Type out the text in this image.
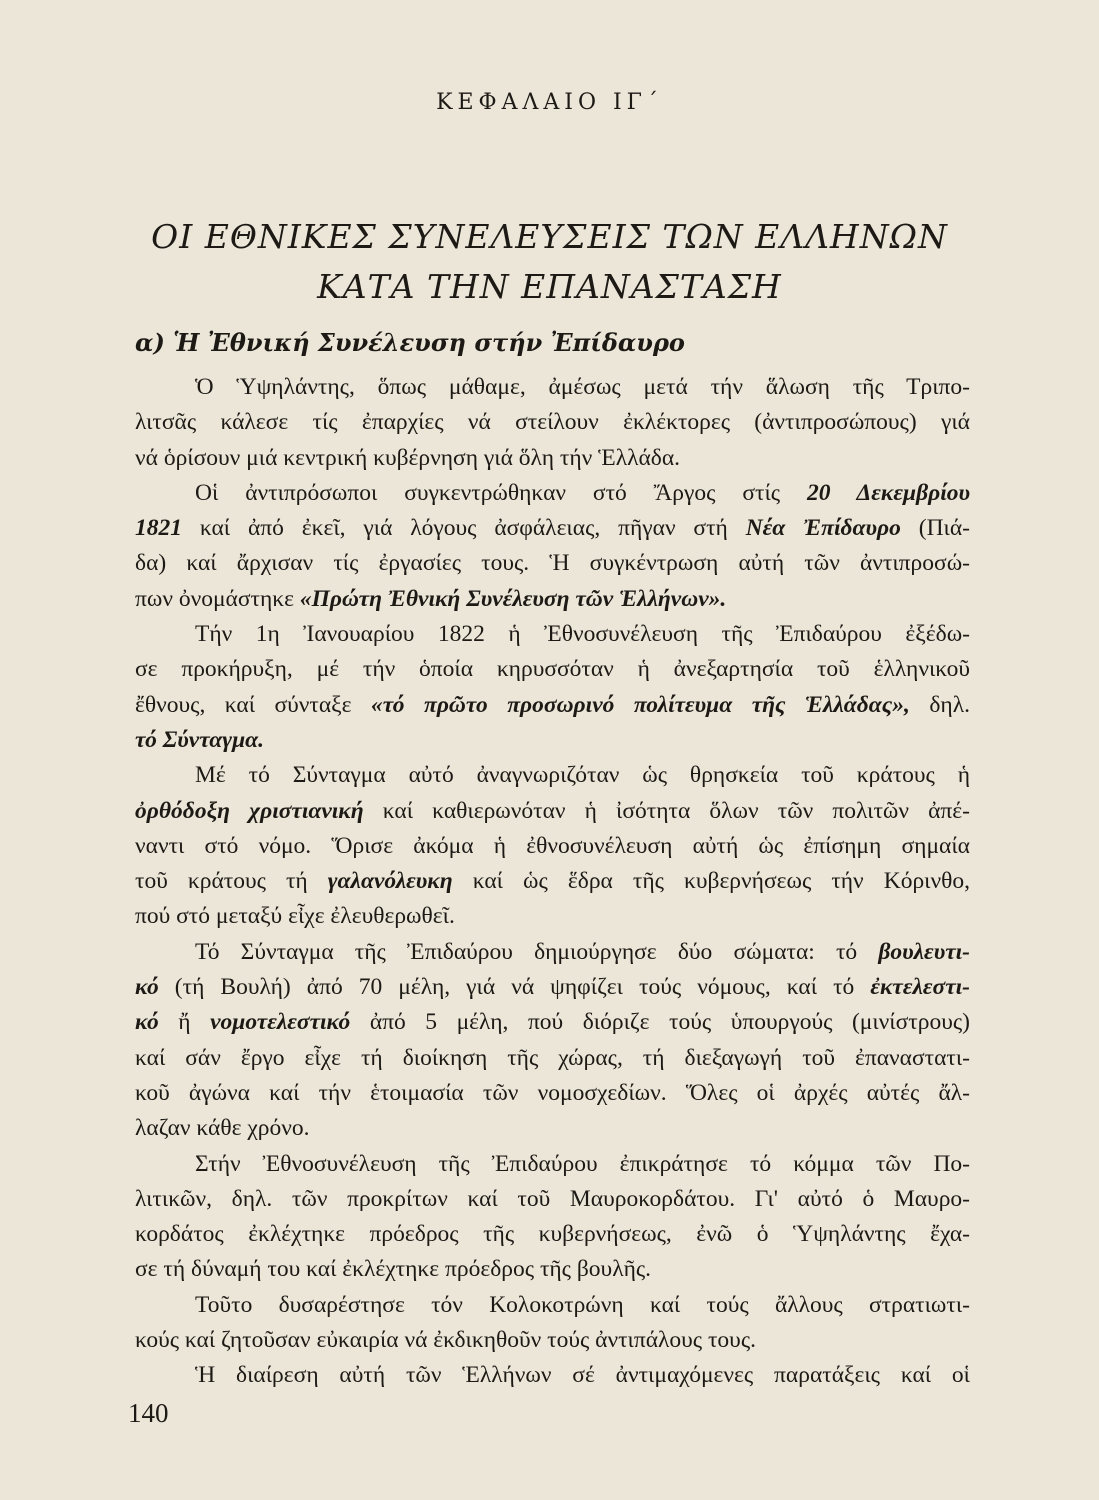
ΚΕΦΑΛΑΙΟ ΙΓ΄
ΟΙ ΕΘΝΙΚΕΣ ΣΥΝΕΛΕΥΣΕΙΣ ΤΩΝ ΕΛΛΗΝΩΝ
ΚΑΤΑ ΤΗΝ ΕΠΑΝΑΣΤΑΣΗ
α) Ἡ Ἐθνική Συνέλευση στήν Ἐπίδαυρο
Ὁ Ὑψηλάντης, ὅπως μάθαμε, ἀμέσως μετά τήν ἅλωση τῆς Τριπο-
λιτσᾶς κάλεσε τίς ἐπαρχίες νά στείλουν ἐκλέκτορες (ἀντιπροσώπους) γιά
νά ὁρίσουν μιά κεντρική κυβέρνηση γιά ὅλη τήν Ἑλλάδα.
Οἱ ἀντιπρόσωποι συγκεντρώθηκαν στό Ἄργος στίς 20 Δεκεμβρίου
1821 καί ἀπό ἐκεῖ, γιά λόγους ἀσφάλειας, πῆγαν στή Νέα Ἐπίδαυρο (Πιά-
δα) καί ἄρχισαν τίς ἐργασίες τους. Ἡ συγκέντρωση αὐτή τῶν ἀντιπροσώ-
πων ὀνομάστηκε «Πρώτη Ἐθνική Συνέλευση τῶν Ἑλλήνων».
Τήν 1η Ἰανουαρίου 1822 ἡ Ἐθνοσυνέλευση τῆς Ἐπιδαύρου ἐξέδω-
σε προκήρυξη, μέ τήν ὁποία κηρυσσόταν ἡ ἀνεξαρτησία τοῦ ἑλληνικοῦ
ἔθνους, καί σύνταξε «τό πρῶτο προσωρινό πολίτευμα τῆς Ἑλλάδας», δηλ.
τό Σύνταγμα.
Μέ τό Σύνταγμα αὐτό ἀναγνωριζόταν ὡς θρησκεία τοῦ κράτους ἡ
ὀρθόδοξη χριστιανική καί καθιερωνόταν ἡ ἰσότητα ὅλων τῶν πολιτῶν ἀπέ-
ναντι στό νόμο. Ὅρισε ἀκόμα ἡ ἐθνοσυνέλευση αὐτή ὡς ἐπίσημη σημαία
τοῦ κράτους τή γαλανόλευκη καί ὡς ἕδρα τῆς κυβερνήσεως τήν Κόρινθο,
πού στό μεταξύ εἶχε ἐλευθερωθεῖ.
Τό Σύνταγμα τῆς Ἐπιδαύρου δημιούργησε δύο σώματα: τό βουλευτι-
κό (τή Βουλή) ἀπό 70 μέλη, γιά νά ψηφίζει τούς νόμους, καί τό ἐκτελεστι-
κό ἤ νομοτελεστικό ἀπό 5 μέλη, πού διόριζε τούς ὑπουργούς (μινίστρους)
καί σάν ἔργο εἶχε τή διοίκηση τῆς χώρας, τή διεξαγωγή τοῦ ἐπαναστατι-
κοῦ ἀγώνα καί τήν ἑτοιμασία τῶν νομοσχεδίων. Ὅλες οἱ ἀρχές αὐτές ἄλ-
λαζαν κάθε χρόνο.
Στήν Ἐθνοσυνέλευση τῆς Ἐπιδαύρου ἐπικράτησε τό κόμμα τῶν Πο-
λιτικῶν, δηλ. τῶν προκρίτων καί τοῦ Μαυροκορδάτου. Γι' αὐτό ὁ Μαυρο-
κορδάτος ἐκλέχτηκε πρόεδρος τῆς κυβερνήσεως, ἐνῶ ὁ Ὑψηλάντης ἔχα-
σε τή δύναμή του καί ἐκλέχτηκε πρόεδρος τῆς βουλῆς.
Τοῦτο δυσαρέστησε τόν Κολοκοτρώνη καί τούς ἄλλους στρατιωτι-
κούς καί ζητοῦσαν εὐκαιρία νά ἐκδικηθοῦν τούς ἀντιπάλους τους.
Ἡ διαίρεση αὐτή τῶν Ἑλλήνων σέ ἀντιμαχόμενες παρατάξεις καί οἱ
140
